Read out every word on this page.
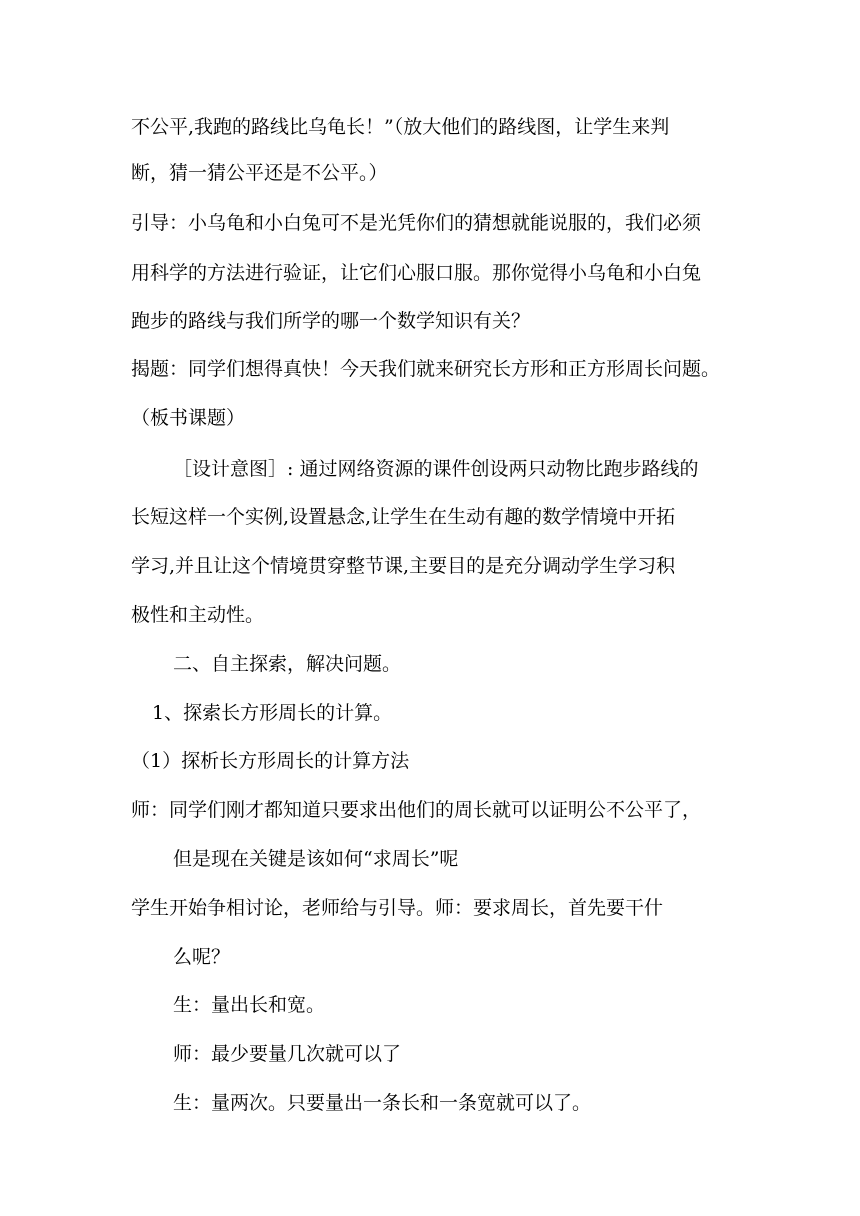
不公平,我跑的路线比乌龟长！”（放大他们的路线图，让学生来判
断，猜一猜公平还是不公平。）
引导：小乌龟和小白兔可不是光凭你们的猜想就能说服的，我们必须
用科学的方法进行验证，让它们心服口服。那你觉得小乌龟和小白兔
跑步的路线与我们所学的哪一个数学知识有关？
揭题：同学们想得真快！今天我们就来研究长方形和正方形周长问题。
（板书课题）
［设计意图］: 通过网络资源的课件创设两只动物比跑步路线的
长短这样一个实例,设置悬念,让学生在生动有趣的数学情境中开拓
学习,并且让这个情境贯穿整节课,主要目的是充分调动学生学习积
极性和主动性。
二、自主探索，解决问题。
1、探索长方形周长的计算。
（1）探析长方形周长的计算方法
师：同学们刚才都知道只要求出他们的周长就可以证明公不公平了，
但是现在关键是该如何“求周长”呢
学生开始争相讨论，老师给与引导。师：要求周长，首先要干什
么呢？
生：量出长和宽。
师：最少要量几次就可以了
生：量两次。只要量出一条长和一条宽就可以了。
